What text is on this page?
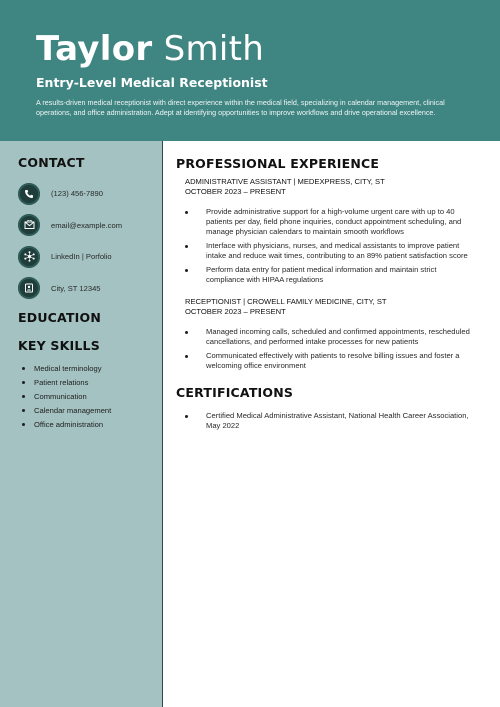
Taylor Smith
Entry-Level Medical Receptionist
A results-driven medical receptionist with direct experience within the medical field, specializing in calendar management, clinical operations, and office administration. Adept at identifying opportunities to improve workflows and drive operational excellence.
CONTACT
(123) 456-7890
email@example.com
LinkedIn | Porfolio
City, ST 12345
EDUCATION
KEY SKILLS
Medical terminology
Patient relations
Communication
Calendar management
Office administration
PROFESSIONAL EXPERIENCE
ADMINISTRATIVE ASSISTANT | MEDEXPRESS, CITY, ST
OCTOBER 2023 – PRESENT
Provide administrative support for a high-volume urgent care with up to 40 patients per day, field phone inquiries, conduct appointment scheduling, and manage physician calendars to maintain smooth workflows
Interface with physicians, nurses, and medical assistants to improve patient intake and reduce wait times, contributing to an 89% patient satisfaction score
Perform data entry for patient medical information and maintain strict compliance with HIPAA regulations
RECEPTIONIST | CROWELL FAMILY MEDICINE, CITY, ST
OCTOBER 2023 – PRESENT
Managed incoming calls, scheduled and confirmed appointments, rescheduled cancellations, and performed intake processes for new patients
Communicated effectively with patients to resolve billing issues and foster a welcoming office environment
CERTIFICATIONS
Certified Medical Administrative Assistant, National Health Career Association, May 2022
